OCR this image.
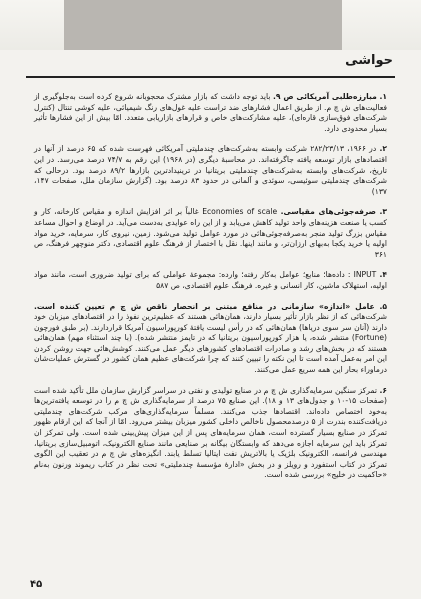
حواشی

۱. مبارزه‌طلبی آمریکائی ص ۹. باید توجه داشت که بازار مشترک محجوبانه شروع کرده است به‌جلوگیری از فعالیت‌های ش چ م. از طریق اعمال فشارهای ضد تراست علیه غول‌های رنگ شیمیائی، علیه کوشی تنتال (کنترل شرکت‌های فوق‌سازی قاره‌ای)، علیه مشارکت‌های خاص و قرارهای بازاریابی متعدد. امّا بیش از این فشارها تأثیر بسیار محدودی دارد.

۲. در ۱۹۶۶، ۲۸۲/۲۳/۱۳ شرکت وابسته به‌شرکت‌های چندملیتی آمریکائی فهرست شده که ۶۵ درصد از آنها در اقتصادهای بازار توسعه یافته جاگرفته‌اند. در محاسبهٔ دیگری (در ۱۹۶۸) این رقم به ۷۴/۷ درصد می‌رسد. در این تاریخ، شرکت‌های وابسته به‌شرکت‌های چندملیتی بریتانیا در ترینیداد‌ترین بازارها ۸۹/۲ درصد بود. درحالی که شرکت‌های چندملیتی سوئیسی، سوئدی و آلمانی در حدود ۸۳ درصد بود. (گزارش سازمان ملل، صفحات ۱۴۷، ۱۳۷)

۳. صرفه‌جوئی‌های مقیاسی. Economies of scale غالباً بر اثر افزایش اندازه و مقیاس کارخانه، کار و کسب یا صنعت هزینه‌های واحد تولید کاهش می‌یابد و از این راه عوایدی به‌دست می‌آید. در اوضاع و احوال مساعد مقیاس بزرگ تولید منجر به‌صرفه‌جوئی‌هائی در مورد عوامل تولید می‌شود. زمین، نیروی کار، سرمایه، خرید مواد اولیه یا خرید یکجا به‌بهای ارزان‌تر، و مانند اینها. نقل با اختصار از فرهنگ علوم اقتصادی، دکتر منوچهر فرهنگ، ص ۳۶۱

۴. INPUT : داده‌ها؛ منابع؛ عوامل به‌کار رفته؛ وارده: مجموعهٔ عواملی که برای تولید ضروری است، مانند مواد اولیه، استهلاک ماشین، کار انسانی و غیره. فرهنگ علوم اقتصادی، ص ۵۸۷

۵. عامل «اندازه» سازمانی در منافع مبتنی بر انحصار ناقص ش چ م تعیین کننده است. شرکت‌هائی که از نظر بازار تأثیر بسیار دارند، همان‌هائی هستند که عظیم‌ترین نفوذ را در اقتصادهای میزبان خود دارند (آنان سر سوی دریاها) همان‌هائی که در رأس لیست یافتهٔ کورپوراسیون آمریکا قراردارند. (بر طبق فورچون (Fortune) منتشر شده، یا هزار کورپوراسیون بریتانیا که در تایمز منتشر شده). (با چند استثناء مهم) همان‌هائی هستند که در بخش‌های رشد و صادرات اقتصادهای کشورهای دیگر عمل می‌کنند. کوشش‌هائی جهت روشن کردن این امر به‌عمل آمده است تا این نکته را تبیین کنند که چرا شرکت‌های عظیم همان کشور در گسترش عملیات‌شان درماوراء بحار این همه سریع عمل می‌کنند.

۶. تمرکز سنگین سرمایه‌گذاری ش چ م در صنایع تولیدی و نفتی در سراسر گزارش سازمان ملل تأکید شده است (صفحات ۱۵-۱۰ و جدول‌های ۱۳ و ۱۸). این صنایع ۷۵ درصد از سرمایه‌گذاری ش چ م را در توسعه یافته‌ترین‌ها به‌خود اختصاص داده‌اند. اقتصادها جذب می‌کنند. مسلماً سرمایه‌گذاری‌های مرکب شرکت‌های چندملیتی دریافت‌کننده بندرت از ۵ درصدمحصول ناخالص داخلی کشور میزبان بیشتر می‌رود. امّا از آنجا که این ارقام ظهور تمرکز در صنایع بسیار گسترده است، همان سرمایه‌های پس از این میزان پیش‌بینی شده است. ولی تمرکز ان تمرکز باید این سرمایه اجازه می‌دهد که وابستگان بیگانه بر صنایعی مانند صنایع الکترونیک، اتومبیل‌سازی بریتانیا، مهندسی فرانسه، الکترونیک بلژیک یا بالاتریش نفت ایتالیا تسلط یابند. انگیزه‌های ش چ م در تعقیب این الگوی تمرکز در کتاب استفورد و رویلز و در بخش «ادارهٔ مؤسسهٔ چندملیتی» تحت نظر در کتاب ریموند ورنون به‌نام «حاکمیت در خلیج» بررسی شده است.

۴۵
